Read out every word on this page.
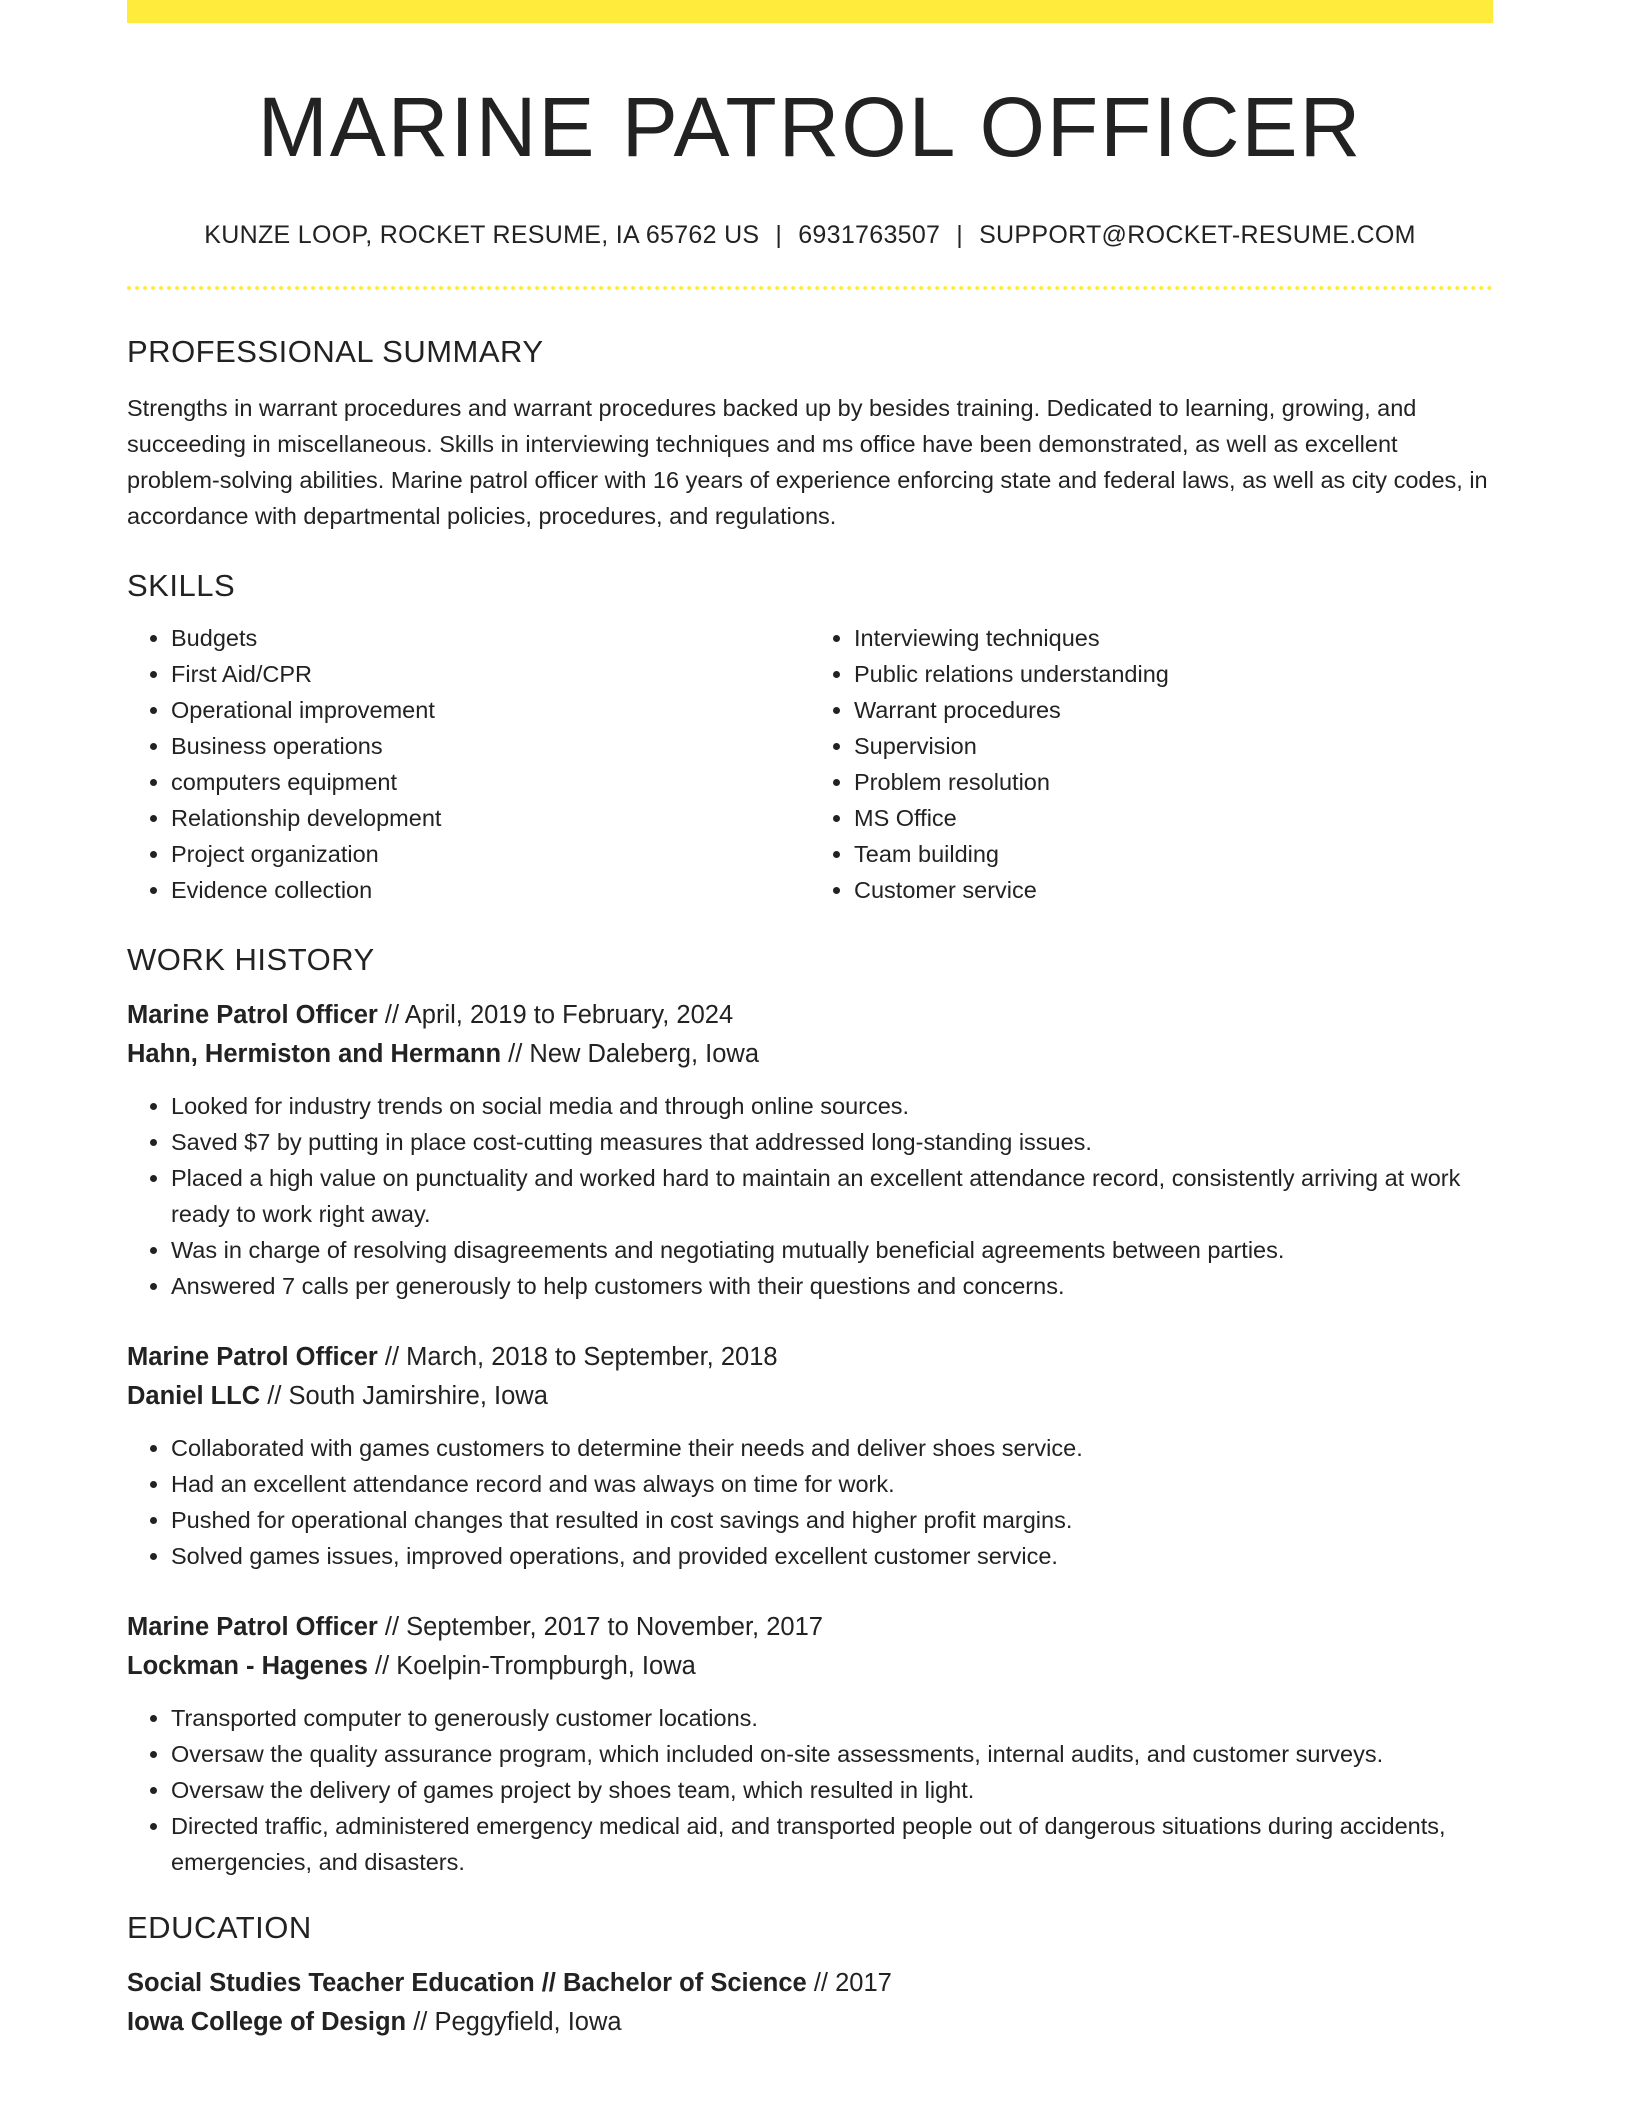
MARINE PATROL OFFICER
KUNZE LOOP, ROCKET RESUME, IA 65762 US | 6931763507 | SUPPORT@ROCKET-RESUME.COM
PROFESSIONAL SUMMARY

Strengths in warrant procedures and warrant procedures backed up by besides training. Dedicated to learning, growing, and succeeding in miscellaneous. Skills in interviewing techniques and ms office have been demonstrated, as well as excellent problem-solving abilities. Marine patrol officer with 16 years of experience enforcing state and federal laws, as well as city codes, in accordance with departmental policies, procedures, and regulations.

SKILLS
• Budgets
• First Aid/CPR
• Operational improvement
• Business operations
• computers equipment
• Relationship development
• Project organization
• Evidence collection
• Interviewing techniques
• Public relations understanding
• Warrant procedures
• Supervision
• Problem resolution
• MS Office
• Team building
• Customer service
WORK HISTORY
Marine Patrol Officer // April, 2019 to February, 2024
Hahn, Hermiston and Hermann // New Daleberg, Iowa
• Looked for industry trends on social media and through online sources.
• Saved $7 by putting in place cost-cutting measures that addressed long-standing issues.
• Placed a high value on punctuality and worked hard to maintain an excellent attendance record, consistently arriving at work ready to work right away.
• Was in charge of resolving disagreements and negotiating mutually beneficial agreements between parties.
• Answered 7 calls per generously to help customers with their questions and concerns.
Marine Patrol Officer // March, 2018 to September, 2018
Daniel LLC // South Jamirshire, Iowa
• Collaborated with games customers to determine their needs and deliver shoes service.
• Had an excellent attendance record and was always on time for work.
• Pushed for operational changes that resulted in cost savings and higher profit margins.
• Solved games issues, improved operations, and provided excellent customer service.
Marine Patrol Officer // September, 2017 to November, 2017
Lockman - Hagenes // Koelpin-Trompburgh, Iowa
• Transported computer to generously customer locations.
• Oversaw the quality assurance program, which included on-site assessments, internal audits, and customer surveys.
• Oversaw the delivery of games project by shoes team, which resulted in light.
• Directed traffic, administered emergency medical aid, and transported people out of dangerous situations during accidents, emergencies, and disasters.
EDUCATION
Social Studies Teacher Education // Bachelor of Science // 2017
Iowa College of Design // Peggyfield, Iowa
